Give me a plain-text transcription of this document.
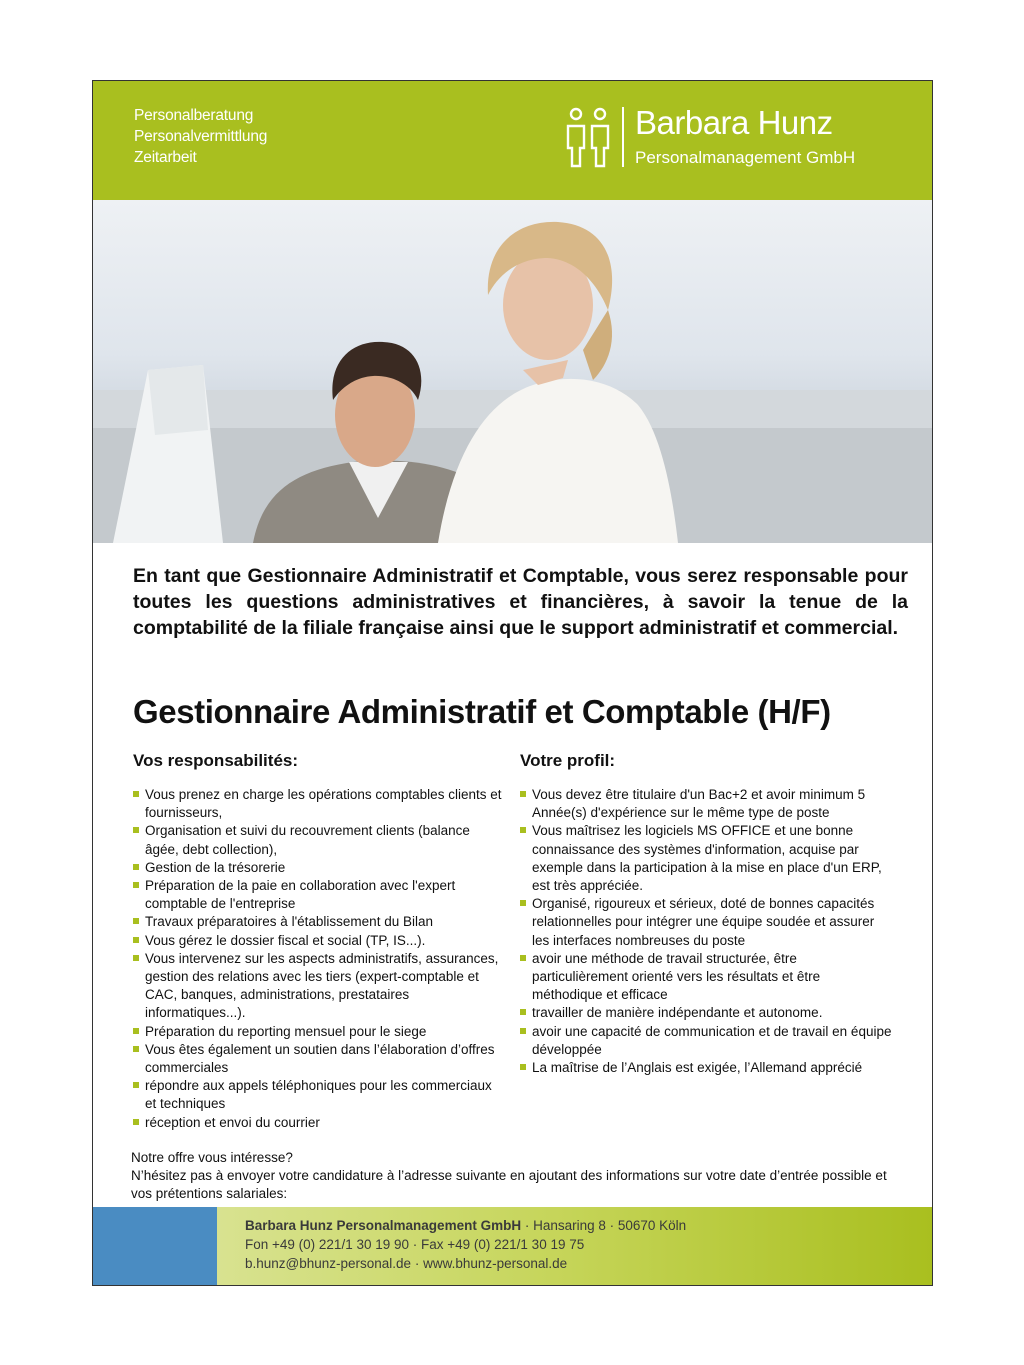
Personalberatung
Personalvermittlung
Zeitarbeit
Barbara Hunz
Personalmanagement GmbH
En tant que Gestionnaire Administratif et Comptable, vous serez responsable pour toutes les questions administratives et financières, à savoir la tenue de la comptabilité de la filiale française ainsi que le support administratif et commercial.
Gestionnaire Administratif et Comptable (H/F)
Vos responsabilités:	Votre profil:
Vous prenez en charge les opérations comptables clients et fournisseurs,
Organisation et suivi du recouvrement clients (balance âgée, debt collection),
Gestion de la trésorerie
Préparation de la paie en collaboration avec l'expert comptable de l'entreprise
Travaux préparatoires à l'établissement du Bilan
Vous gérez le dossier fiscal et social (TP, IS...).
Vous intervenez sur les aspects administratifs, assurances, gestion des relations avec les tiers (expert-comptable et CAC, banques, administrations, prestataires informatiques...).
Préparation du reporting mensuel pour le siege
Vous êtes également un soutien dans l’élaboration d’offres commerciales
répondre aux appels téléphoniques pour les commerciaux et techniques
réception et envoi du courrier
Vous devez être titulaire d'un Bac+2 et avoir minimum 5 Année(s) d'expérience sur le même type de poste
Vous maîtrisez les logiciels MS OFFICE et une bonne connaissance des systèmes d'information, acquise par exemple dans la participation à la mise en place d'un ERP, est très appréciée.
Organisé, rigoureux et sérieux, doté de bonnes capacités relationnelles pour intégrer une équipe soudée et assurer les interfaces nombreuses du poste
avoir une méthode de travail structurée, être particulièrement orienté vers les résultats et être méthodique et efficace
travailler de manière indépendante et autonome.
avoir une capacité de communication et de travail en équipe développée
La maîtrise de l’Anglais est exigée, l’Allemand apprécié
Notre offre vous intéresse?
N’hésitez pas à envoyer votre candidature à l’adresse suivante en ajoutant des informations sur votre date d’entrée possible et vos prétentions salariales:
Barbara Hunz Personalmanagement GmbH · Hansaring 8 · 50670 Köln
Fon +49 (0) 221/1 30 19 90 · Fax +49 (0) 221/1 30 19 75
b.hunz@bhunz-personal.de · www.bhunz-personal.de
